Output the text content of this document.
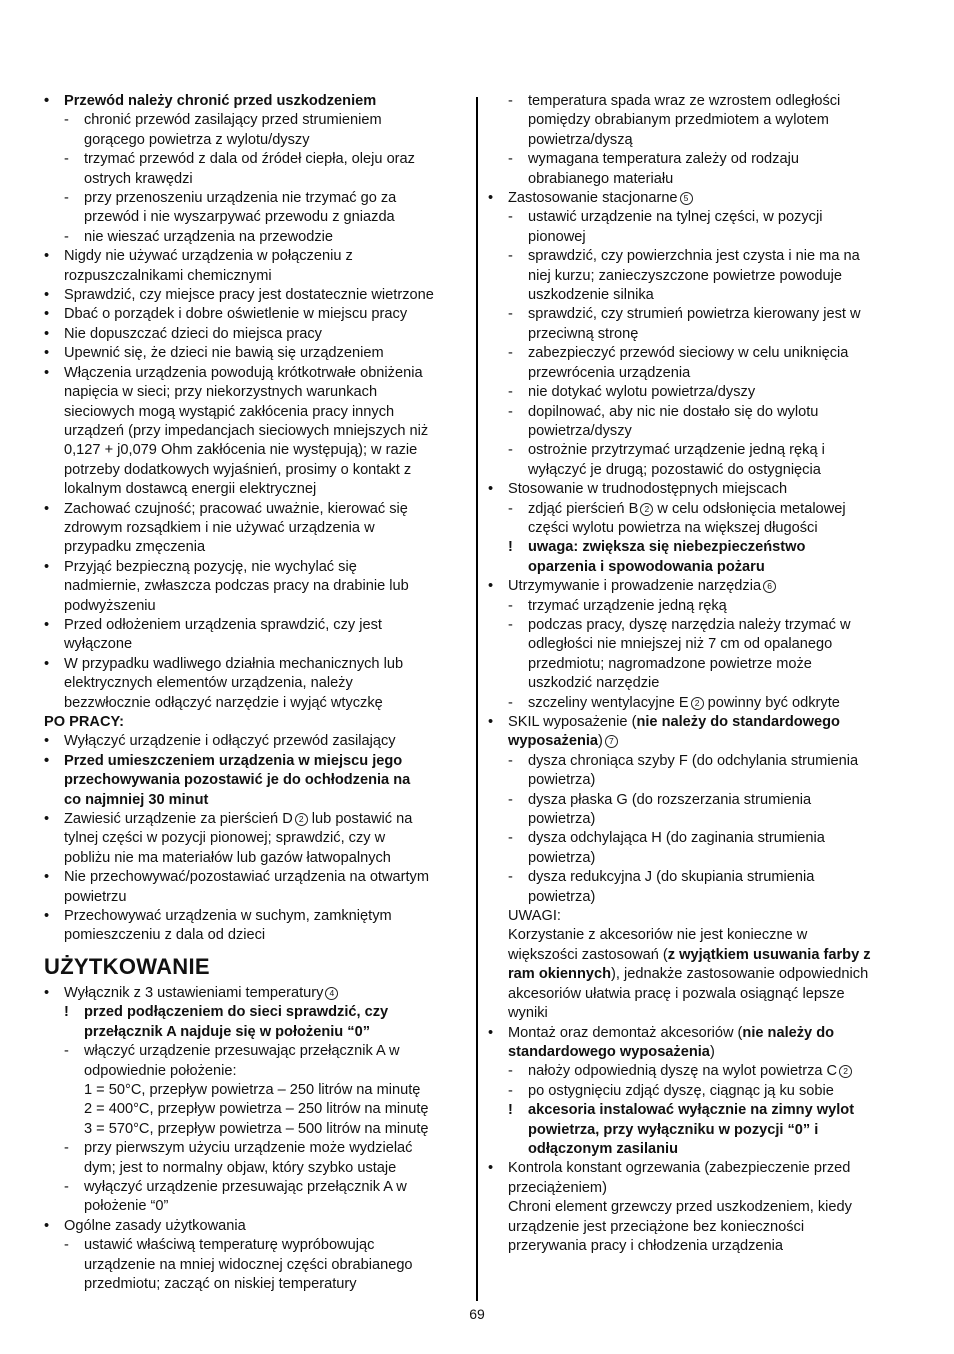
• Przewód należy chronić przed uszkodzeniem
- chronić przewód zasilający przed strumieniem
gorącego powietrza z wylotu/dyszy
- trzymać przewód z dala od źródeł ciepła, oleju oraz
ostrych krawędzi
- przy przenoszeniu urządzenia nie trzymać go za
przewód i nie wyszarpywać przewodu z gniazda
- nie wieszać urządzenia na przewodzie
• Nigdy nie używać urządzenia w połączeniu z
rozpuszczalnikami chemicznymi
• Sprawdzić, czy miejsce pracy jest dostatecznie wietrzone
• Dbać o porządek i dobre oświetlenie w miejscu pracy
• Nie dopuszczać dzieci do miejsca pracy
• Upewnić się, że dzieci nie bawią się urządzeniem
• Włączenia urządzenia powodują krótkotrwałe obniżenia
napięcia w sieci; przy niekorzystnych warunkach
sieciowych mogą wystąpić zakłócenia pracy innych
urządzeń (przy impedancjach sieciowych mniejszych niż
0,127 + j0,079 Ohm zakłócenia nie występują); w razie
potrzeby dodatkowych wyjaśnień, prosimy o kontakt z
lokalnym dostawcą energii elektrycznej
• Zachować czujność; pracować uważnie, kierować się
zdrowym rozsądkiem i nie używać urządzenia w
przypadku zmęczenia
• Przyjąć bezpieczną pozycję, nie wychylać się
nadmiernie, zwłaszcza podczas pracy na drabinie lub
podwyższeniu
• Przed odłożeniem urządzenia sprawdzić, czy jest
wyłączone
• W przypadku wadliwego działnia mechanicznych lub
elektrycznych elementów urządzenia, należy
bezzwłocznie odłączyć narzędzie i wyjąć wtyczkę
PO PRACY:
• Wyłączyć urządzenie i odłączyć przewód zasilający
• Przed umieszczeniem urządzenia w miejscu jego
przechowywania pozostawić je do ochłodzenia na
co najmniej 30 minut
• Zawiesić urządzenie za pierścień D 2 lub postawić na
tylnej części w pozycji pionowej; sprawdzić, czy w
pobliżu nie ma materiałów lub gazów łatwopalnych
• Nie przechowywać/pozostawiać urządzenia na otwartym
powietrzu
• Przechowywać urządzenia w suchym, zamkniętym
pomieszczeniu z dala od dzieci
UŻYTKOWANIE
• Wyłącznik z 3 ustawieniami temperatury 4
! przed podłączeniem do sieci sprawdzić, czy
przełącznik A najduje się w położeniu “0”
- włączyć urządzenie przesuwając przełącznik A w
odpowiednie położenie:
1 = 50°C, przepływ powietrza – 250 litrów na minutę
2 = 400°C, przepływ powietrza – 250 litrów na minutę
3 = 570°C, przepływ powietrza – 500 litrów na minutę
- przy pierwszym użyciu urządzenie może wydzielać
dym; jest to normalny objaw, który szybko ustaje
- wyłączyć urządzenie przesuwając przełącznik A w
położenie “0”
• Ogólne zasady użytkowania
- ustawić właściwą temperaturę wypróbowując
urządzenie na mniej widocznej części obrabianego
przedmiotu; zacząć on niskiej temperatury
- temperatura spada wraz ze wzrostem odległości
pomiędzy obrabianym przedmiotem a wylotem
powietrza/dyszą
- wymagana temperatura zależy od rodzaju
obrabianego materiału
• Zastosowanie stacjonarne 5
- ustawić urządzenie na tylnej części, w pozycji
pionowej
- sprawdzić, czy powierzchnia jest czysta i nie ma na
niej kurzu; zanieczyszczone powietrze powoduje
uszkodzenie silnika
- sprawdzić, czy strumień powietrza kierowany jest w
przeciwną stronę
- zabezpieczyć przewód sieciowy w celu uniknięcia
przewrócenia urządzenia
- nie dotykać wylotu powietrza/dyszy
- dopilnować, aby nic nie dostało się do wylotu
powietrza/dyszy
- ostrożnie przytrzymać urządzenie jedną ręką i
wyłączyć je drugą; pozostawić do ostygnięcia
• Stosowanie w trudnodostępnych miejscach
- zdjąć pierścień B 2 w celu odsłonięcia metalowej
części wylotu powietrza na większej długości
! uwaga: zwiększa się niebezpieczeństwo
oparzenia i spowodowania pożaru
• Utrzymywanie i prowadzenie narzędzia 6
- trzymać urządzenie jedną ręką
- podczas pracy, dyszę narzędzia należy trzymać w
odległości nie mniejszej niż 7 cm od opalanego
przedmiotu; nagromadzone powietrze może
uszkodzić narzędzie
- szczeliny wentylacyjne E 2 powinny być odkryte
• SKIL wyposażenie (nie należy do standardowego
wyposażenia) 7
- dysza chroniąca szyby F (do odchylania strumienia
powietrza)
- dysza płaska G (do rozszerzania strumienia
powietrza)
- dysza odchylająca H (do zaginania strumienia
powietrza)
- dysza redukcyjna J (do skupiania strumienia
powietrza)
UWAGI:
Korzystanie z akcesoriów nie jest konieczne w
większości zastosowań (z wyjątkiem usuwania farby z
ram okiennych), jednakże zastosowanie odpowiednich
akcesoriów ułatwia pracę i pozwala osiągnąć lepsze
wyniki
• Montaż oraz demontaż akcesoriów (nie należy do
standardowego wyposażenia)
- nałoży odpowiednią dyszę na wylot powietrza C 2
- po ostygnięciu zdjąć dyszę, ciągnąc ją ku sobie
! akcesoria instalować wyłącznie na zimny wylot
powietrza, przy wyłączniku w pozycji “0” i
odłączonym zasilaniu
• Kontrola konstant ogrzewania (zabezpieczenie przed
przeciążeniem)
Chroni element grzewczy przed uszkodzeniem, kiedy
urządzenie jest przeciążone bez konieczności
przerywania pracy i chłodzenia urządzenia
69
